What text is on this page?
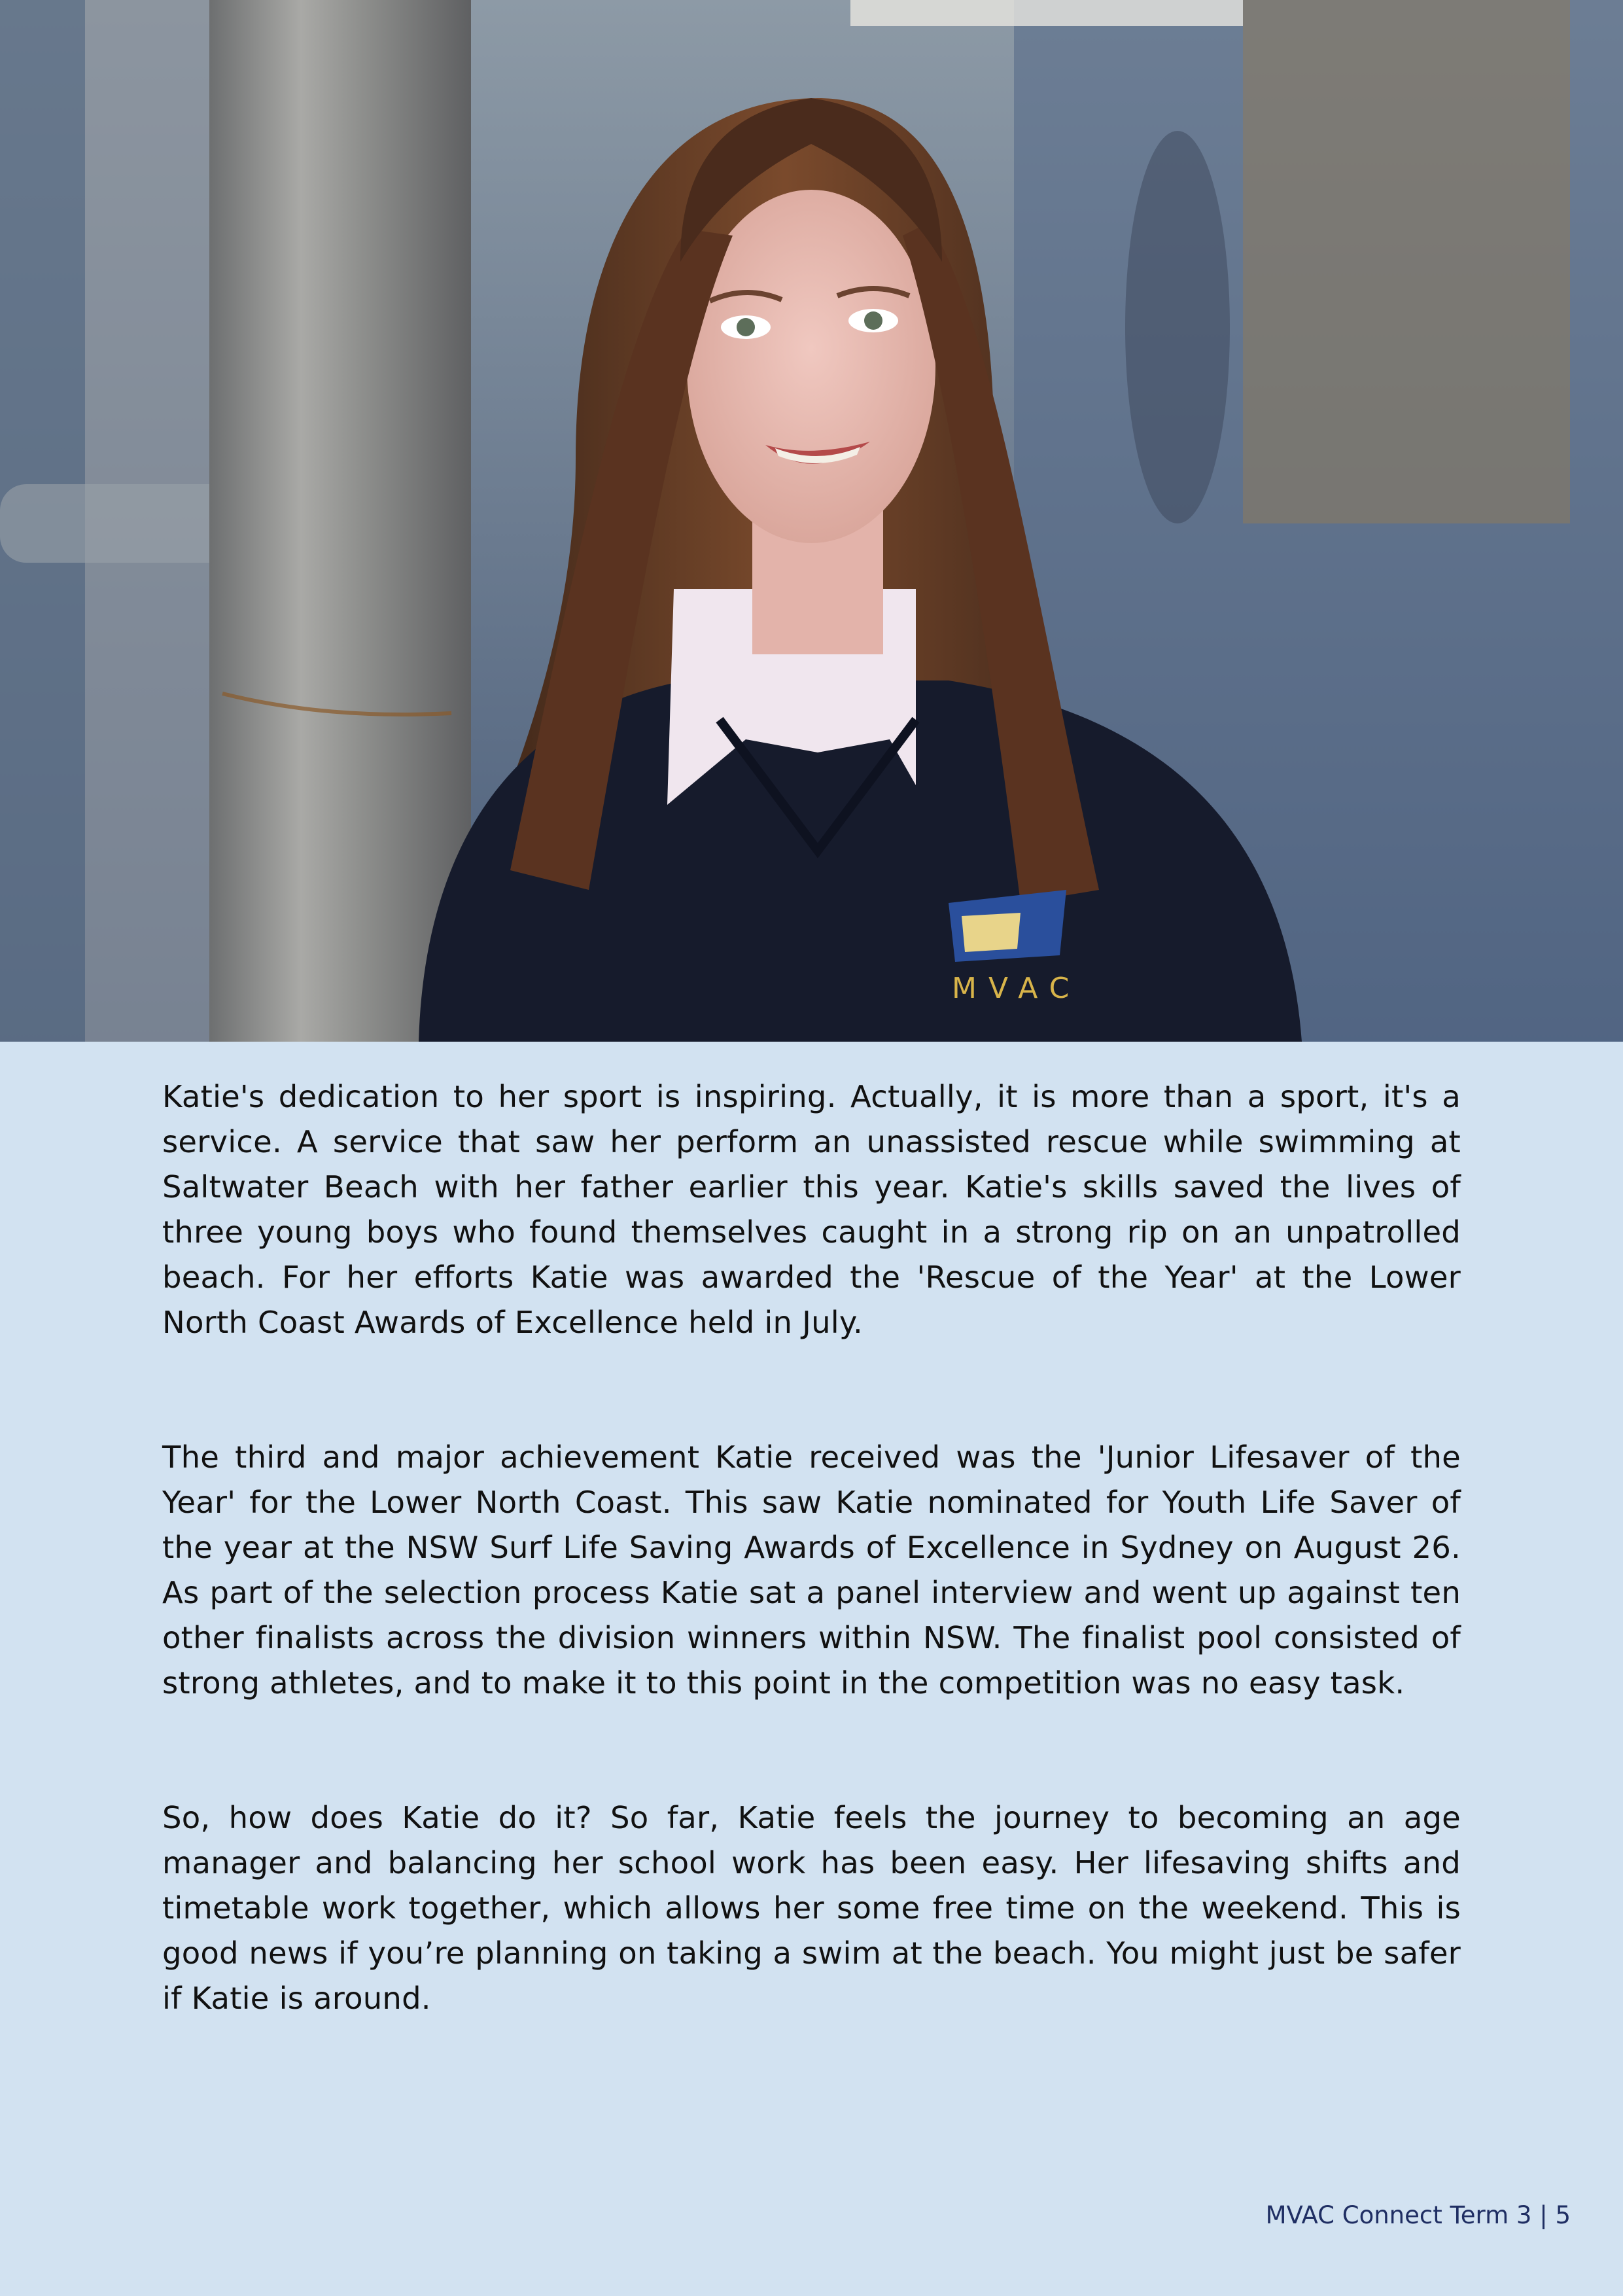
MVAC

Katie's dedication to her sport is inspiring. Actually, it is more than a sport, it's a service. A service that saw her perform an unassisted rescue while swimming at Saltwater Beach with her father earlier this year. Katie's skills saved the lives of three young boys who found themselves caught in a strong rip on an unpatrolled beach. For her efforts Katie was awarded the 'Rescue of the Year' at the Lower North Coast Awards of Excellence held in July.

The third and major achievement Katie received was the 'Junior Lifesaver of the Year' for the Lower North Coast. This saw Katie nominated for Youth Life Saver of the year at the NSW Surf Life Saving Awards of Excellence in Sydney on August 26. As part of the selection process Katie sat a panel interview and went up against ten other finalists across the division winners within NSW. The finalist pool consisted of strong athletes, and to make it to this point in the competition was no easy task.

So, how does Katie do it? So far, Katie feels the journey to becoming an age manager and balancing her school work has been easy. Her lifesaving shifts and timetable work together, which allows her some free time on the weekend. This is good news if you’re planning on taking a swim at the beach. You might just be safer if Katie is around.

MVAC Connect Term 3 | 5
